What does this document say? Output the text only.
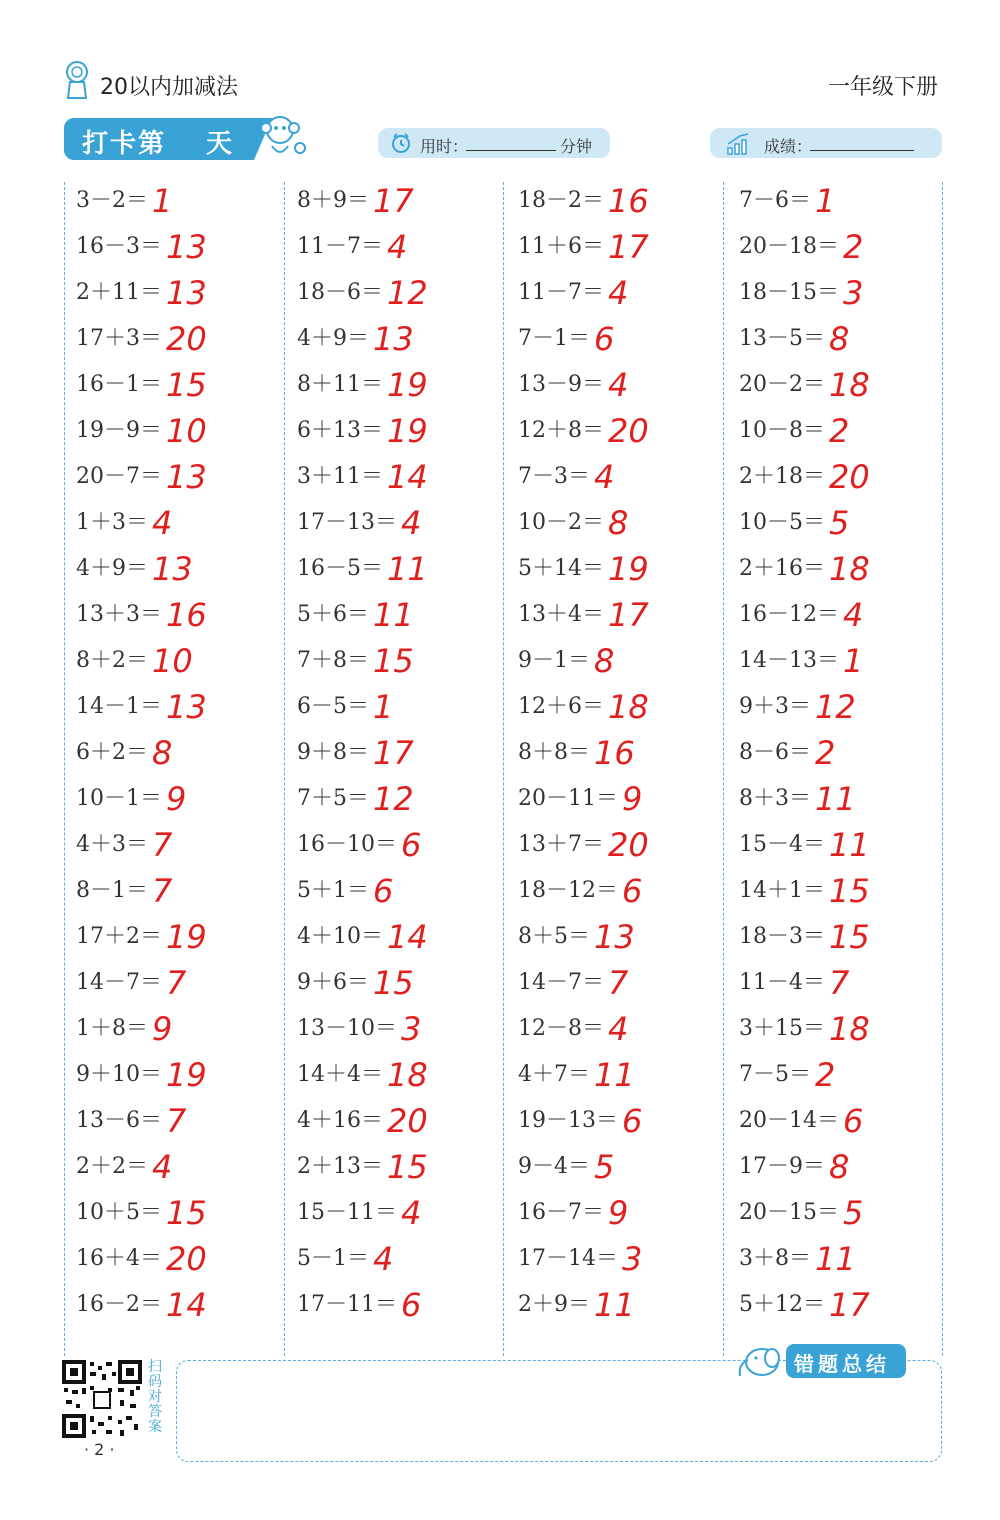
20以内加减法	一年级下册
打卡第 天	用时：	分钟	成绩：
3－2＝ 1
16－3＝ 13
2＋11＝ 13
17＋3＝ 20
16－1＝ 15
19－9＝ 10
20－7＝ 13
1＋3＝ 4
4＋9＝ 13
13＋3＝ 16
8＋2＝ 10
14－1＝ 13
6＋2＝ 8
10－1＝ 9
4＋3＝ 7
8－1＝ 7
17＋2＝ 19
14－7＝ 7
1＋8＝ 9
9＋10＝ 19
13－6＝ 7
2＋2＝ 4
10＋5＝ 15
16＋4＝ 20
16－2＝ 14
8＋9＝ 17
11－7＝ 4
18－6＝ 12
4＋9＝ 13
8＋11＝ 19
6＋13＝ 19
3＋11＝ 14
17－13＝ 4
16－5＝ 11
5＋6＝ 11
7＋8＝ 15
6－5＝ 1
9＋8＝ 17
7＋5＝ 12
16－10＝ 6
5＋1＝ 6
4＋10＝ 14
9＋6＝ 15
13－10＝ 3
14＋4＝ 18
4＋16＝ 20
2＋13＝ 15
15－11＝ 4
5－1＝ 4
17－11＝ 6
18－2＝ 16
11＋6＝ 17
11－7＝ 4
7－1＝ 6
13－9＝ 4
12＋8＝ 20
7－3＝ 4
10－2＝ 8
5＋14＝ 19
13＋4＝ 17
9－1＝ 8
12＋6＝ 18
8＋8＝ 16
20－11＝ 9
13＋7＝ 20
18－12＝ 6
8＋5＝ 13
14－7＝ 7
12－8＝ 4
4＋7＝ 11
19－13＝ 6
9－4＝ 5
16－7＝ 9
17－14＝ 3
2＋9＝ 11
7－6＝ 1
20－18＝ 2
18－15＝ 3
13－5＝ 8
20－2＝ 18
10－8＝ 2
2＋18＝ 20
10－5＝ 5
2＋16＝ 18
16－12＝ 4
14－13＝ 1
9＋3＝ 12
8－6＝ 2
8＋3＝ 11
15－4＝ 11
14＋1＝ 15
18－3＝ 15
11－4＝ 7
3＋15＝ 18
7－5＝ 2
20－14＝ 6
17－9＝ 8
20－15＝ 5
3＋8＝ 11
5＋12＝ 17
错题总结
扫码对答案
· 2 ·
